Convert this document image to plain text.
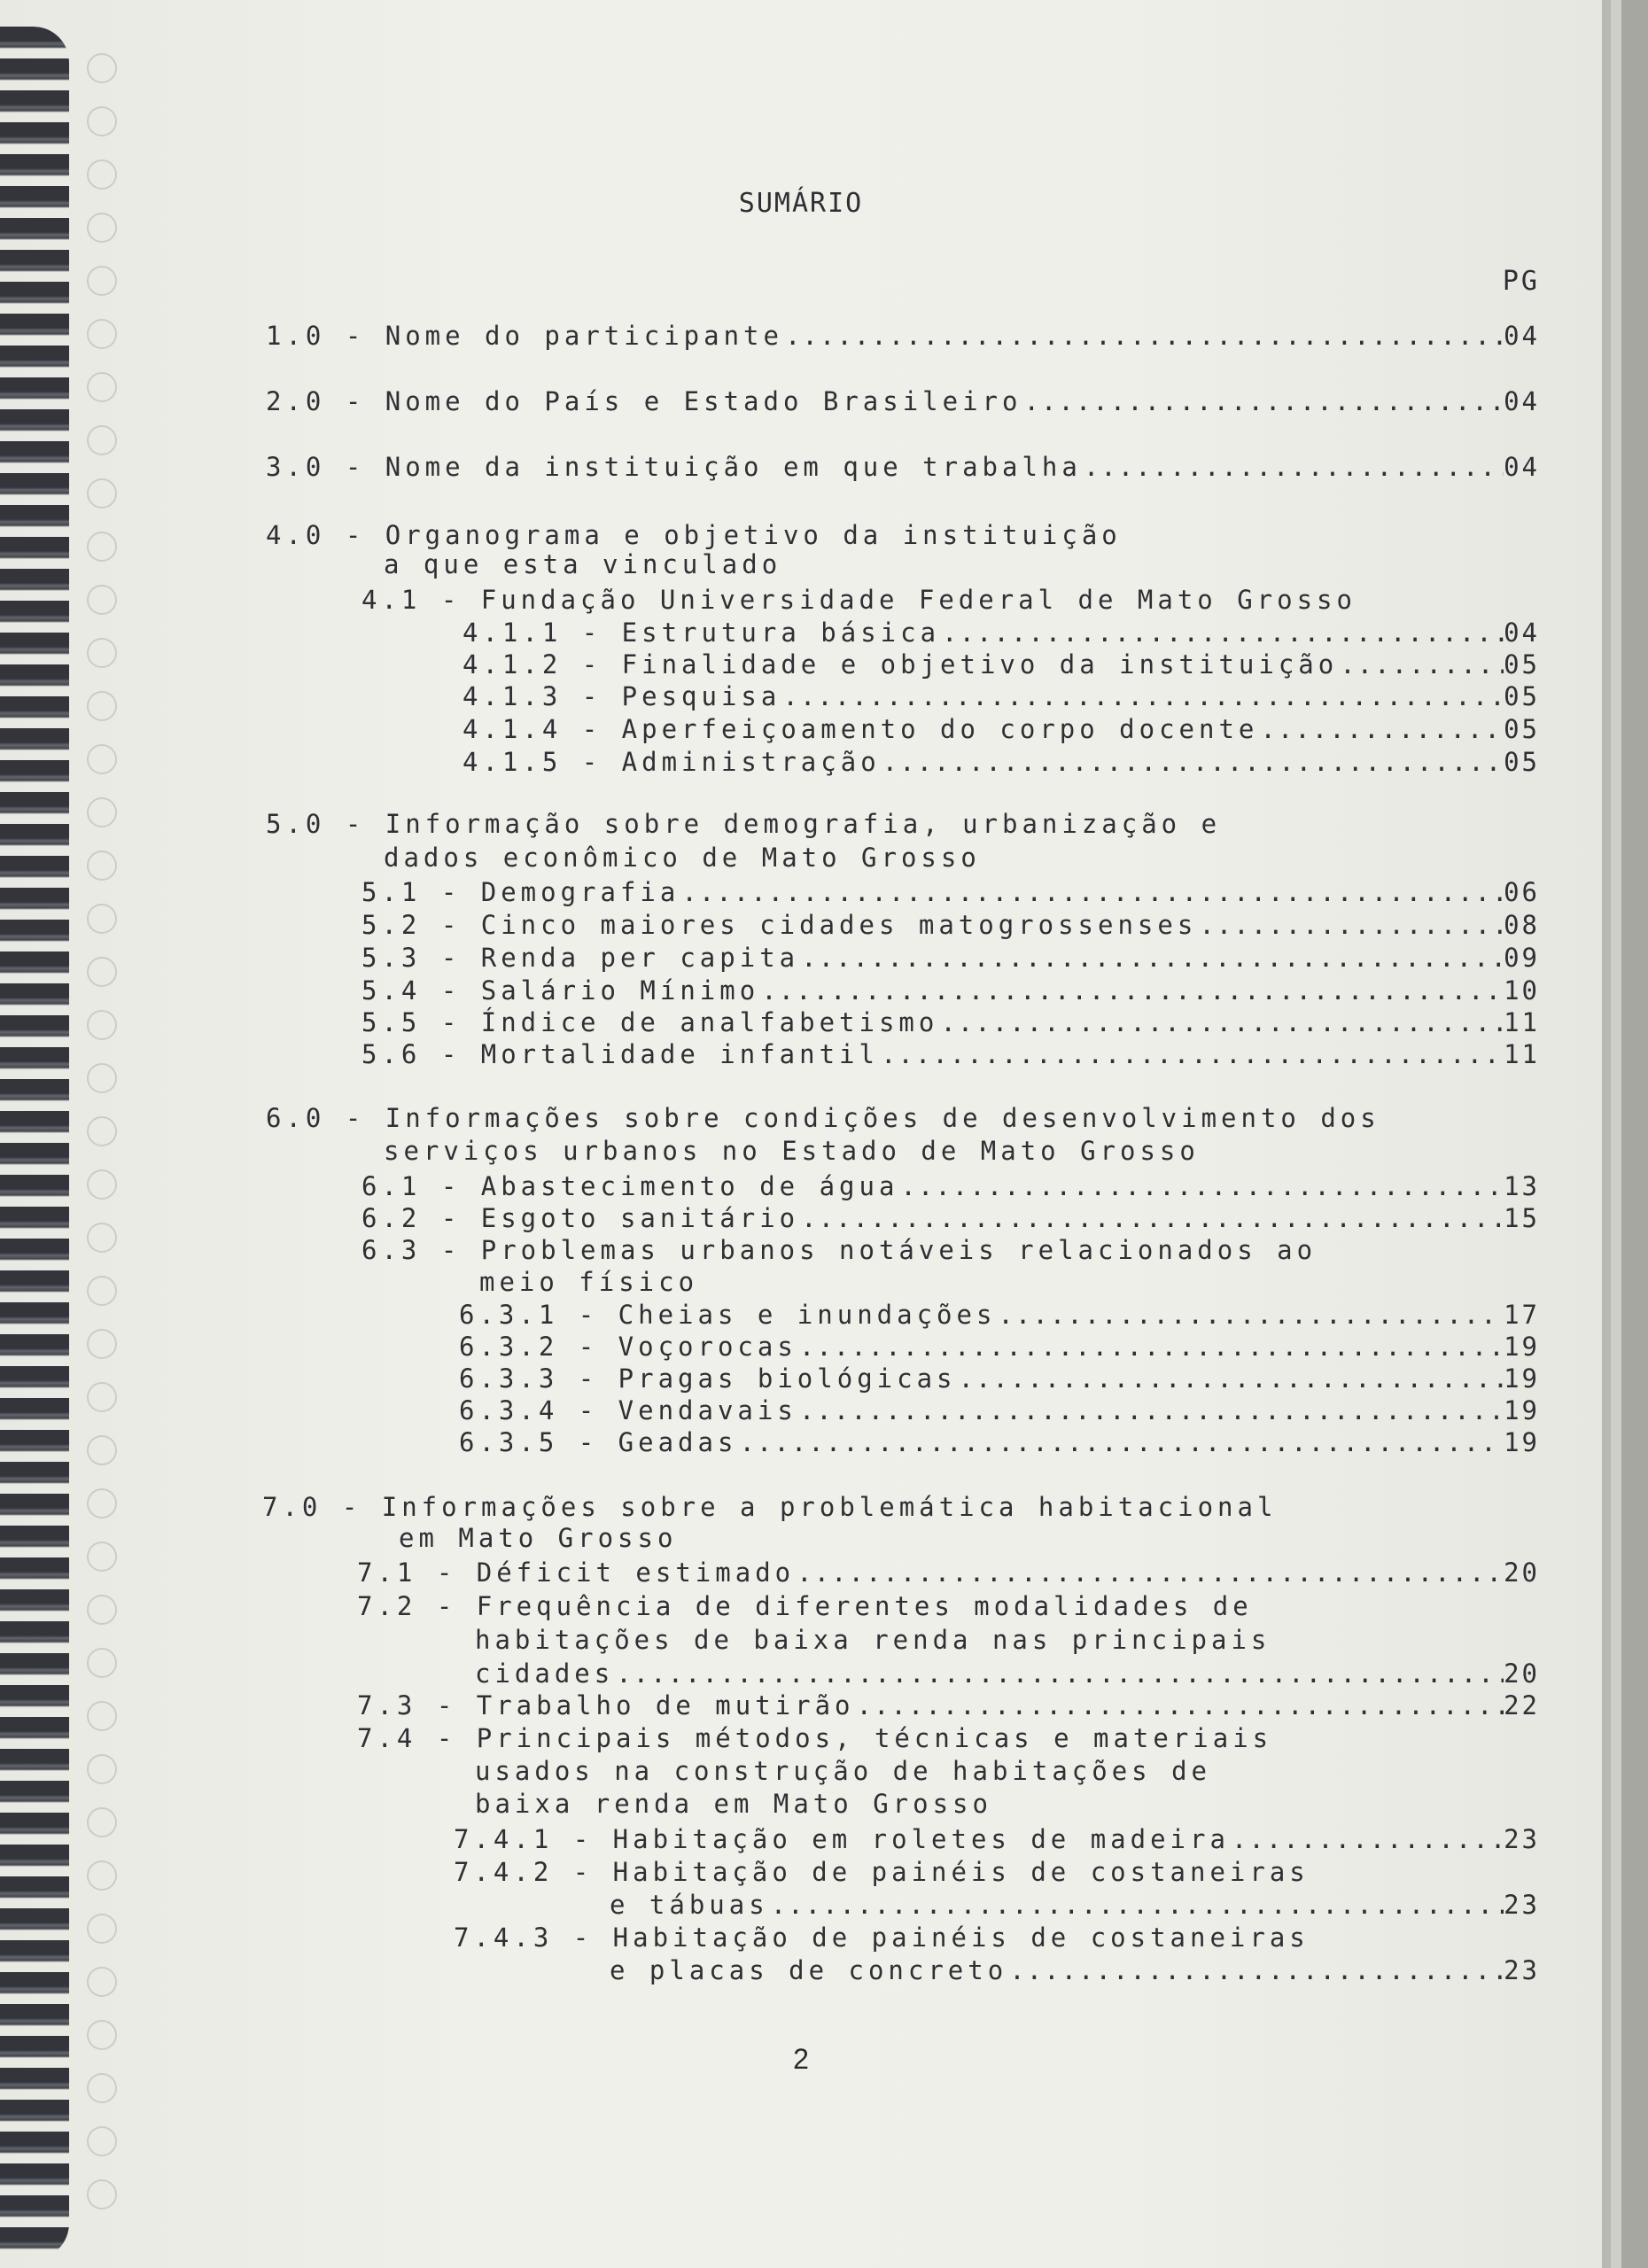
SUMÁRIO
PG
1.0 - Nome do participante .....	04
2.0 - Nome do País e Estado Brasileiro .....	04
3.0 - Nome da instituição em que trabalha .....	04
4.0 - Organograma e objetivo da instituição
a que esta vinculado
4.1 - Fundação Universidade Federal de Mato Grosso
4.1.1 - Estrutura básica .....	04
4.1.2 - Finalidade e objetivo da instituição .....	05
4.1.3 - Pesquisa .....	05
4.1.4 - Aperfeiçoamento do corpo docente .....	05
4.1.5 - Administração .....	05
5.0 - Informação sobre demografia, urbanização e
dados econômico de Mato Grosso
5.1 - Demografia .....	06
5.2 - Cinco maiores cidades matogrossenses .....	08
5.3 - Renda per capita .....	09
5.4 - Salário Mínimo .....	10
5.5 - Índice de analfabetismo .....	11
5.6 - Mortalidade infantil .....	11
6.0 - Informações sobre condições de desenvolvimento dos
serviços urbanos no Estado de Mato Grosso
6.1 - Abastecimento de água .....	13
6.2 - Esgoto sanitário .....	15
6.3 - Problemas urbanos notáveis relacionados ao
meio físico
6.3.1 - Cheias e inundações .....	17
6.3.2 - Voçorocas .....	19
6.3.3 - Pragas biológicas .....	19
6.3.4 - Vendavais .....	19
6.3.5 - Geadas .....	19
7.0 - Informações sobre a problemática habitacional
em Mato Grosso
7.1 - Déficit estimado .....	20
7.2 - Frequência de diferentes modalidades de
habitações de baixa renda nas principais
cidades .....	20
7.3 - Trabalho de mutirão .....	22
7.4 - Principais métodos, técnicas e materiais
usados na construção de habitações de
baixa renda em Mato Grosso
7.4.1 - Habitação em roletes de madeira .....	23
7.4.2 - Habitação de painéis de costaneiras
e tábuas .....	23
7.4.3 - Habitação de painéis de costaneiras
e placas de concreto .....	23
2
